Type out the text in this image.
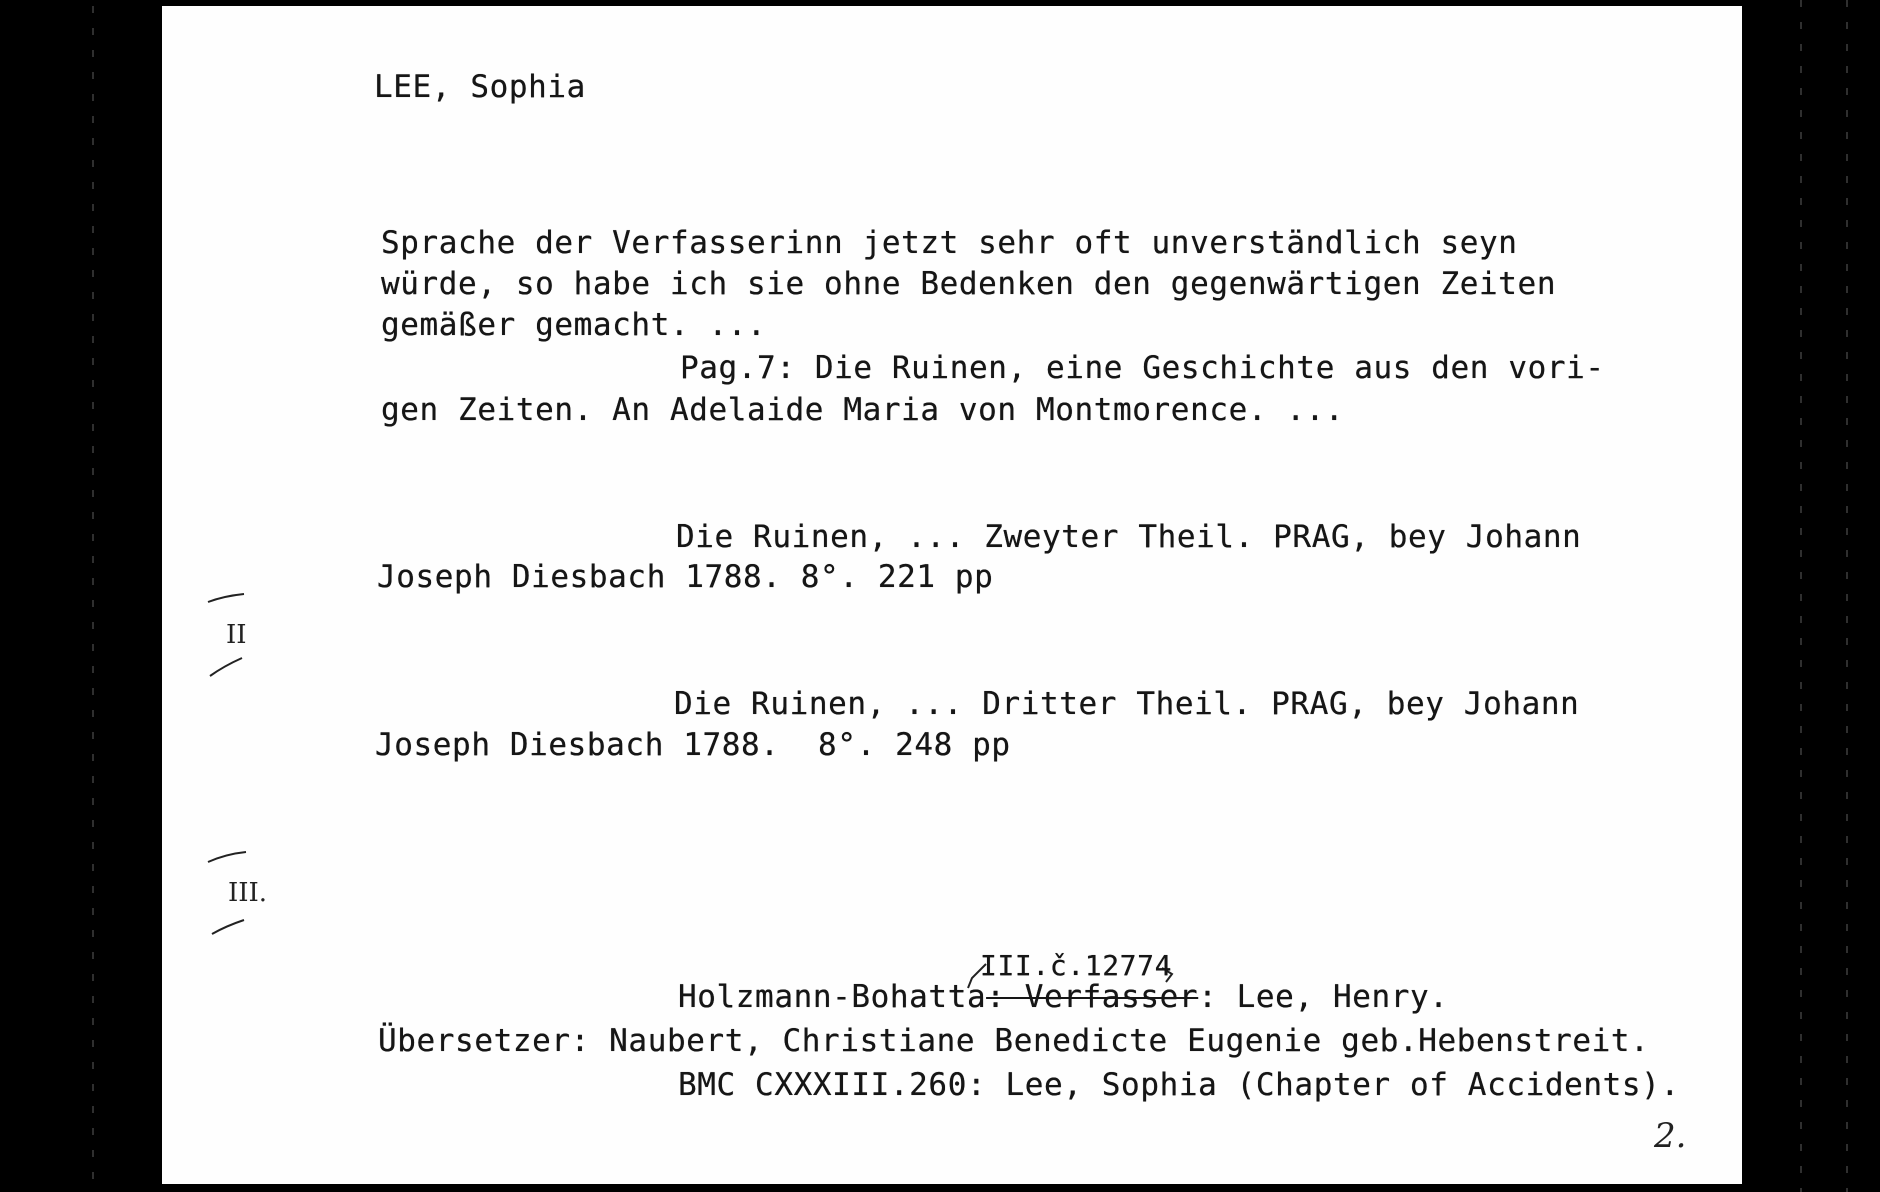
LEE, Sophia
Sprache der Verfasserinn jetzt sehr oft unverständlich seyn
würde, so habe ich sie ohne Bedenken den gegenwärtigen Zeiten
gemäßer gemacht. ...
Pag.7: Die Ruinen, eine Geschichte aus den vori-
gen Zeiten. An Adelaide Maria von Montmorence. ...
II
Die Ruinen, ... Zweyter Theil. PRAG, bey Johann
Joseph Diesbach 1788. 8°. 221 pp
III.
Die Ruinen, ... Dritter Theil. PRAG, bey Johann
Joseph Diesbach 1788.  8°. 248 pp
III.č.12774
Holzmann-Bohatta: Verfasser: Lee, Henry.
Übersetzer: Naubert, Christiane Benedicte Eugenie geb.Hebenstreit.
BMC CXXXIII.260: Lee, Sophia (Chapter of Accidents).
2.
